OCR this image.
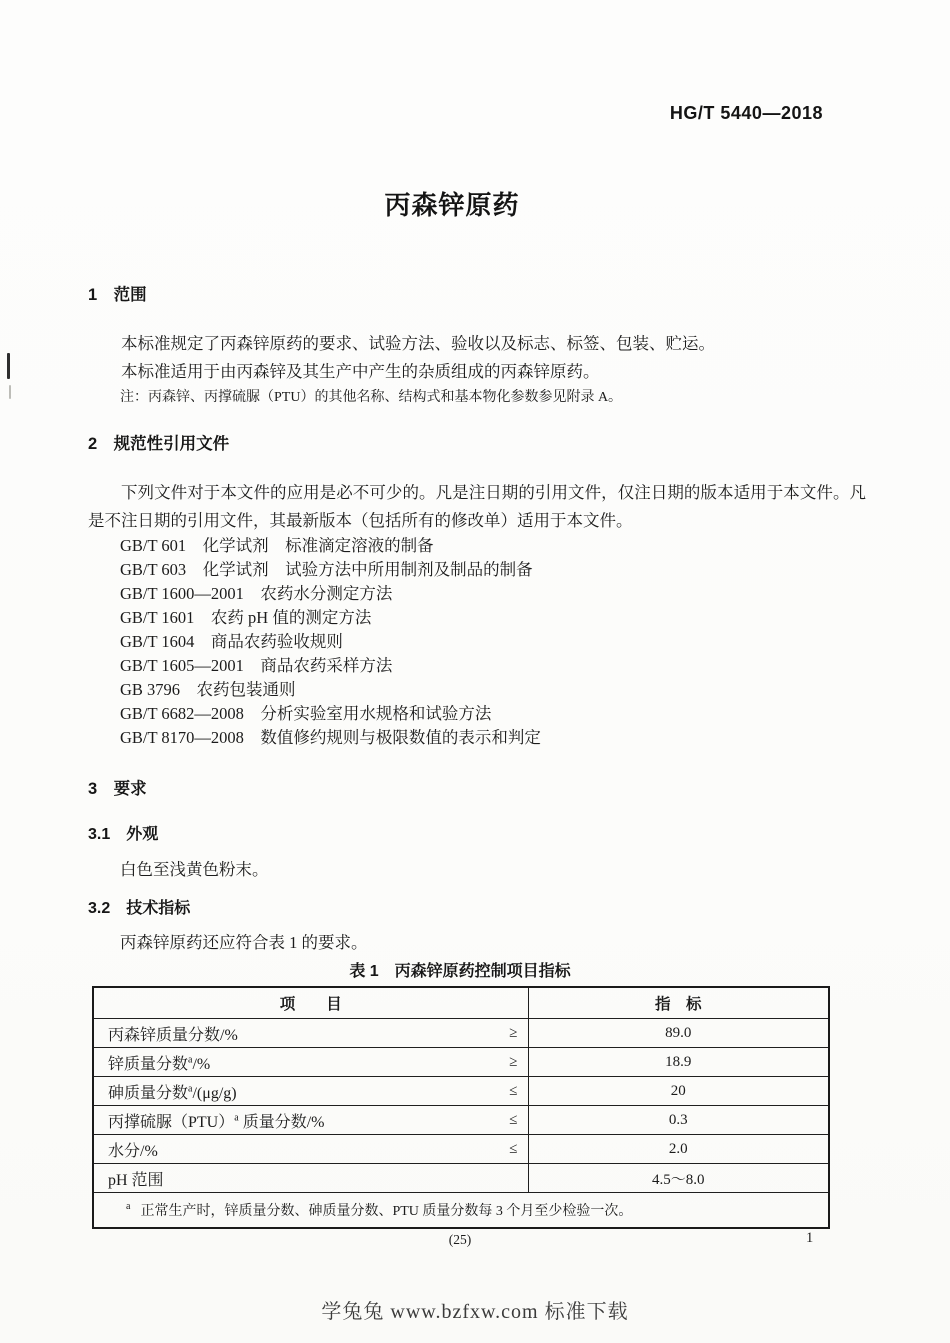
HG/T 5440—2018
丙森锌原药
1　范围

本标准规定了丙森锌原药的要求、试验方法、验收以及标志、标签、包装、贮运。

本标准适用于由丙森锌及其生产中产生的杂质组成的丙森锌原药。

注：丙森锌、丙撑硫脲（PTU）的其他名称、结构式和基本物化参数参见附录 A。

2　规范性引用文件

下列文件对于本文件的应用是必不可少的。凡是注日期的引用文件，仅注日期的版本适用于本文件。凡是不注日期的引用文件，其最新版本（包括所有的修改单）适用于本文件。

GB/T 601　化学试剂　标准滴定溶液的制备
GB/T 603　化学试剂　试验方法中所用制剂及制品的制备
GB/T 1600—2001　农药水分测定方法
GB/T 1601　农药 pH 值的测定方法
GB/T 1604　商品农药验收规则
GB/T 1605—2001　商品农药采样方法
GB 3796　农药包装通则
GB/T 6682—2008　分析实验室用水规格和试验方法
GB/T 8170—2008　数值修约规则与极限数值的表示和判定
3　要求
3.1　外观

白色至浅黄色粉末。

3.2　技术指标

丙森锌原药还应符合表 1 的要求。

表 1　丙森锌原药控制项目指标
项　　目	指　标

丙森锌质量分数/% ≥	89.0

锌质量分数$^a$/% ≥	18.9

砷质量分数$^a$/(μg/g) ≤	20

丙撑硫脲（PTU）$^a$ 质量分数/% ≤	0.3

水分/% ≤	2.0

pH 范围	4.5～8.0
$^a$ 正常生产时，锌质量分数、砷质量分数、PTU 质量分数每 3 个月至少检验一次。	
(25)	1
学兔兔 www.bzfxw.com 标准下载
